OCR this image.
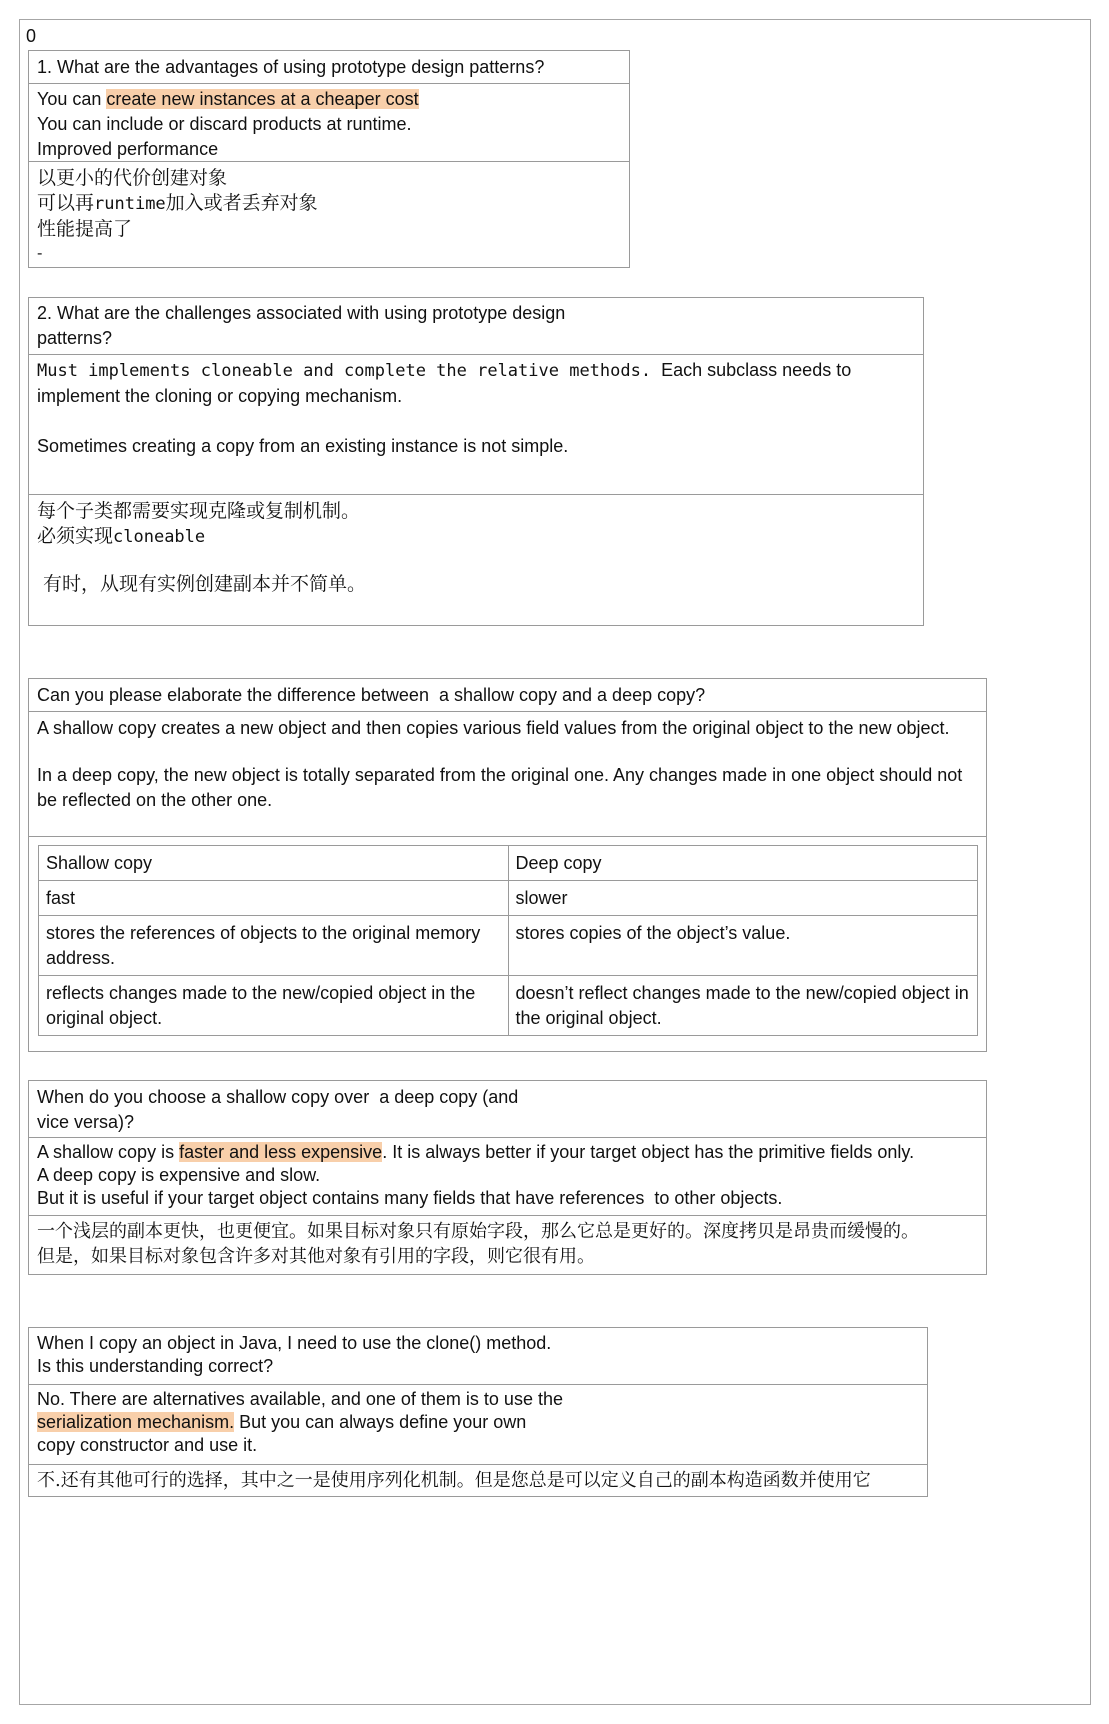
0
1. What are the advantages of using prototype design patterns?
You can create new instances at a cheaper cost
You can include or discard products at runtime.
Improved performance
以更小的代价创建对象
可以再runtime加入或者丢弃对象
性能提高了
-
2. What are the challenges associated with using prototype design patterns?
Must implements cloneable and complete the relative methods.  Each subclass needs to implement the cloning or copying mechanism.
Sometimes creating a copy from an existing instance is not simple.
每个子类都需要实现克隆或复制机制。
必须实现cloneable
有时，从现有实例创建副本并不简单。
Can you please elaborate the difference between  a shallow copy and a deep copy?
A shallow copy creates a new object and then copies various field values from the original object to the new object.
In a deep copy, the new object is totally separated from the original one. Any changes made in one object should not be reflected on the other one.
Shallow copy	Deep copy
fast	slower
stores the references of objects to the original memory address.	stores copies of the object’s value.
reflects changes made to the new/copied object in the original object.	doesn’t reflect changes made to the new/copied object in the original object.
When do you choose a shallow copy over  a deep copy (and vice versa)?
A shallow copy is faster and less expensive. It is always better if your target object has the primitive fields only.
A deep copy is expensive and slow.
But it is useful if your target object contains many fields that have references  to other objects.
一个浅层的副本更快，也更便宜。如果目标对象只有原始字段，那么它总是更好的。深度拷贝是昂贵而缓慢的。
但是，如果目标对象包含许多对其他对象有引用的字段，则它很有用。
When I copy an object in Java, I need to use the clone() method.
Is this understanding correct?
No. There are alternatives available, and one of them is to use the
serialization mechanism. But you can always define your own
copy constructor and use it.
不.还有其他可行的选择，其中之一是使用序列化机制。但是您总是可以定义自己的副本构造函数并使用它
